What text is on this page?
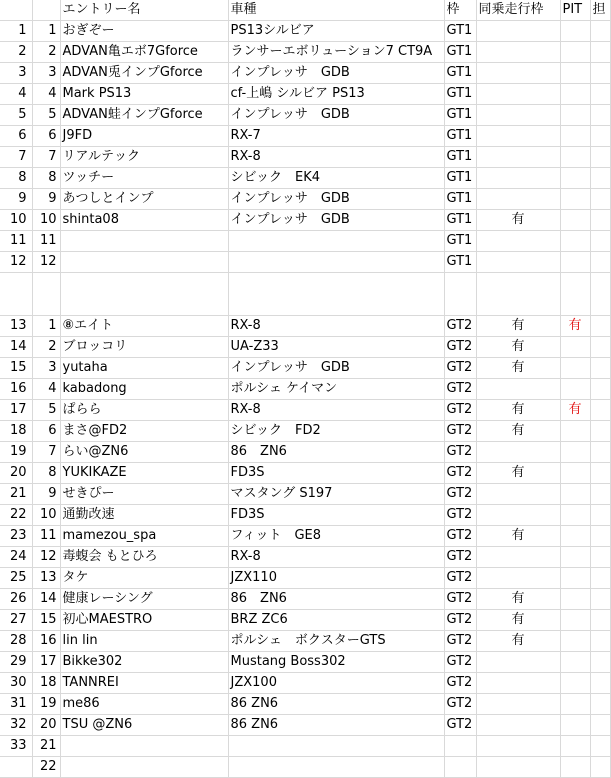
		エントリー名	車種	枠	同乗走行枠	PIT	担
1	1	おぎぞー	PS13シルビア	GT1			
2	2	ADVAN亀エボ7Gforce	ランサーエボリューション7 CT9A	GT1			
3	3	ADVAN兎インプGforce	インプレッサ　GDB	GT1			
4	4	Mark PS13	cf-上嶋 シルビア PS13	GT1			
5	5	ADVAN蛙インプGforce	インプレッサ　GDB	GT1			
6	6	J9FD	RX-7	GT1			
7	7	リアルテック	RX-8	GT1			
8	8	ツッチー	シビック　EK4	GT1			
9	9	あつしとインプ	インプレッサ　GDB	GT1			
10	10	shinta08	インプレッサ　GDB	GT1	有		
11	11			GT1			
12	12			GT1			

13	1	⑧エイト	RX-8	GT2	有	有	
14	2	ブロッコリ	UA-Z33	GT2	有		
15	3	yutaha	インプレッサ　GDB	GT2	有		
16	4	kabadong	ポルシェ ケイマン	GT2			
17	5	ぱらら	RX-8	GT2	有	有	
18	6	まさ@FD2	シビック　FD2	GT2	有		
19	7	らい@ZN6	86　ZN6	GT2			
20	8	YUKIKAZE	FD3S	GT2	有		
21	9	せきぴー	マスタング S197	GT2			
22	10	通勤改速	FD3S	GT2			
23	11	mamezou_spa	フィット　GE8	GT2	有		
24	12	毒蝮会 もとひろ	RX-8	GT2			
25	13	タケ	JZX110	GT2			
26	14	健康レーシング	86　ZN6	GT2	有		
27	15	初心MAESTRO	BRZ ZC6	GT2	有		
28	16	lin lin	ポルシェ　ボクスターGTS	GT2	有		
29	17	Bikke302	Mustang Boss302	GT2			
30	18	TANNREI	JZX100	GT2			
31	19	me86	86 ZN6	GT2			
32	20	TSU @ZN6	86 ZN6	GT2			
33	21						
	22						
